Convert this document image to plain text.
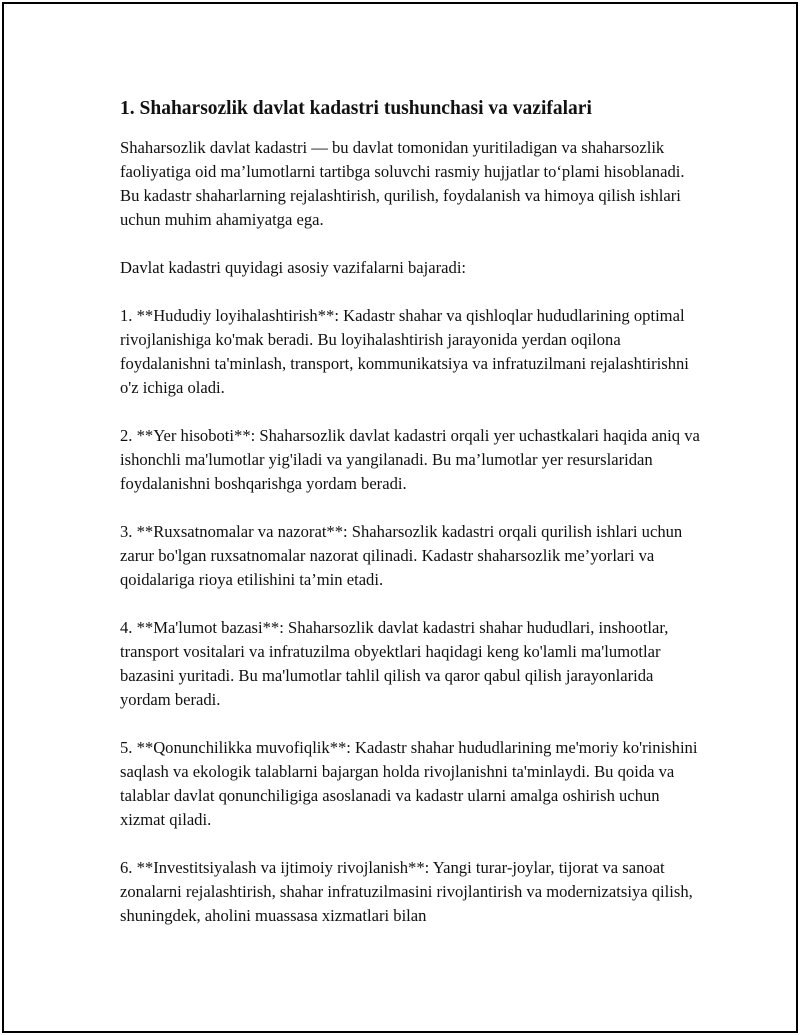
1. Shaharsozlik davlat kadastri tushunchasi va vazifalari

Shaharsozlik davlat kadastri — bu davlat tomonidan yuritiladigan va shaharsozlik faoliyatiga oid ma’lumotlarni tartibga soluvchi rasmiy hujjatlar to‘plami hisoblanadi. Bu kadastr shaharlarning rejalashtirish, qurilish, foydalanish va himoya qilish ishlari uchun muhim ahamiyatga ega.

Davlat kadastri quyidagi asosiy vazifalarni bajaradi:

1. **Hududiy loyihalashtirish**: Kadastr shahar va qishloqlar hududlarining optimal rivojlanishiga ko'mak beradi. Bu loyihalashtirish jarayonida yerdan oqilona foydalanishni ta'minlash, transport, kommunikatsiya va infratuzilmani rejalashtirishni o'z ichiga oladi.

2. **Yer hisoboti**: Shaharsozlik davlat kadastri orqali yer uchastkalari haqida aniq va ishonchli ma'lumotlar yig'iladi va yangilanadi. Bu ma’lumotlar yer resurslaridan foydalanishni boshqarishga yordam beradi.

3. **Ruxsatnomalar va nazorat**: Shaharsozlik kadastri orqali qurilish ishlari uchun zarur bo'lgan ruxsatnomalar nazorat qilinadi. Kadastr shaharsozlik me’yorlari va qoidalariga rioya etilishini ta’min etadi.

4. **Ma'lumot bazasi**: Shaharsozlik davlat kadastri shahar hududlari, inshootlar, transport vositalari va infratuzilma obyektlari haqidagi keng ko'lamli ma'lumotlar bazasini yuritadi. Bu ma'lumotlar tahlil qilish va qaror qabul qilish jarayonlarida yordam beradi.

5. **Qonunchilikka muvofiqlik**: Kadastr shahar hududlarining me'moriy ko'rinishini saqlash va ekologik talablarni bajargan holda rivojlanishni ta'minlaydi. Bu qoida va talablar davlat qonunchiligiga asoslanadi va kadastr ularni amalga oshirish uchun xizmat qiladi.

6. **Investitsiyalash va ijtimoiy rivojlanish**: Yangi turar-joylar, tijorat va sanoat zonalarni rejalashtirish, shahar infratuzilmasini rivojlantirish va modernizatsiya qilish, shuningdek, aholini muassasa xizmatlari bilan
